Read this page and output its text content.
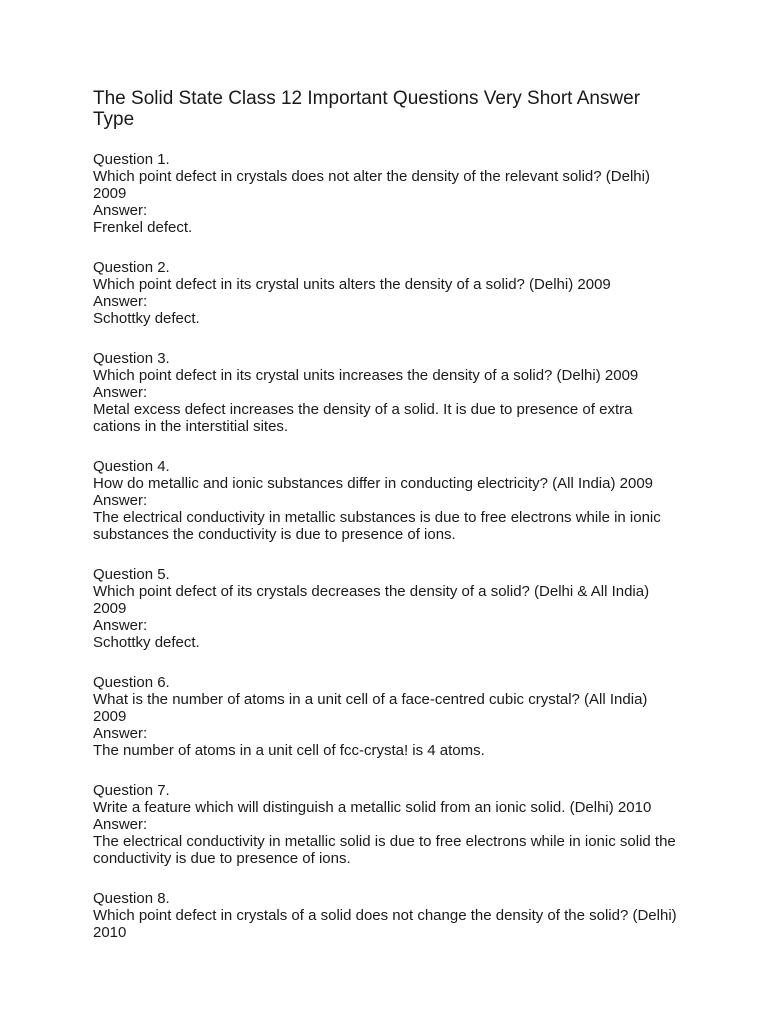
The Solid State Class 12 Important Questions Very Short Answer Type
Question 1.
Which point defect in crystals does not alter the density of the relevant solid? (Delhi) 2009
Answer:
Frenkel defect.
Question 2.
Which point defect in its crystal units alters the density of a solid? (Delhi) 2009
Answer:
Schottky defect.
Question 3.
Which point defect in its crystal units increases the density of a solid? (Delhi) 2009
Answer:
Metal excess defect increases the density of a solid. It is due to presence of extra cations in the interstitial sites.
Question 4.
How do metallic and ionic substances differ in conducting electricity? (All India) 2009
Answer:
The electrical conductivity in metallic substances is due to free electrons while in ionic substances the conductivity is due to presence of ions.
Question 5.
Which point defect of its crystals decreases the density of a solid? (Delhi & All India) 2009
Answer:
Schottky defect.
Question 6.
What is the number of atoms in a unit cell of a face-centred cubic crystal? (All India) 2009
Answer:
The number of atoms in a unit cell of fcc-crysta! is 4 atoms.
Question 7.
Write a feature which will distinguish a metallic solid from an ionic solid. (Delhi) 2010
Answer:
The electrical conductivity in metallic solid is due to free electrons while in ionic solid the conductivity is due to presence of ions.
Question 8.
Which point defect in crystals of a solid does not change the density of the solid? (Delhi) 2010
